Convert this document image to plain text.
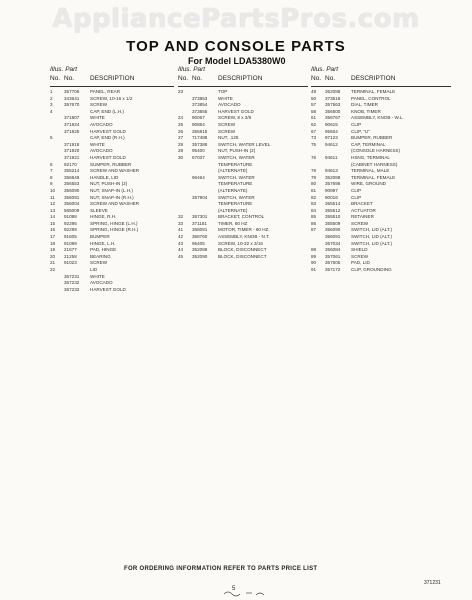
AppliancePartsPros.com
TOP AND CONSOLE PARTS
For Model LDA5380W0
Illus. Part
No. No. DESCRIPTION
1 357706 PANEL, REAR
2 343641 SCREW, 10-16 x 1/2
3 357670 SCREW
4	CAP, END (L.H.)
371807 WHITE
371924 AVOCADO
371925 HARVEST GOLD
5	CAP, END (R.H.)
371918 WHITE
371920 AVOCADO
371921 HARVEST GOLD
6 92170	SUMPER, RUBBER
7 355214 SCREW AND WASHER
8 356849 HANDLE, LID
9 356553 NUT, PUSH-IN (2)
10 356090 NUT, SNAP-IN (L.H.)
11 356091 NUT, SNAP-IN (R.H.)
12 356004 SCREW AND WASHER
13 565009 SLEEVE
14 91098	HINGE, R.H.
15 92295	SPRING, HINGE (L.H.)
16 92299	SPRING, HINGE (R.H.)
17 91605	BUMPER
18 91099	HINGE, L.H.
19 21677	PAD, HINGE
20 21258	BEARING
21 91023	SCREW
22	LID
367231 WHITE
367232 AVOCADO
367233 HARVEST GOLD
Illus. Part
No. No. DESCRIPTION
23	TOP
373853 WHITE
373854 AVOCADO
373855 HARVEST GOLD
24 90067	SCREW, 8 x 3/8
25 90864	SCREW
26 355815 SCREW
27 717488 NUT, .125
28 357386 SWITCH, WATER LEVEL
29 95400	NUT, PUSH-IN (2)
30 67037	SWITCH, WATER
TEMPERATURE
(ALTERNATE)
96464	SWITCH, WATER
TEMPERATURE
(ALTERNATE)
357904 SWITCH, WATER
TEMPERATURE
(ALTERNATE)
32 357301 BRACKET, CONTROL
33 371181 TIMER, 60 HZ
41 368081 MOTOR, TIMER - 60 HZ.
42 368760 ASSEMBLY, KNOB - N.T.
43 95405	SCREW, 10-32 x 3/16
44 352089 BLOCK, DISCONNECT
45 352090 BLOCK, DISCONNECT
Illus. Part
No. No. DESCRIPTION
49 352088 TERMINAL, FEMALE
50 373518 PANEL, CONTROL
57 357563 DIAL, TIMER
58 356500 KNOB, TIMER
61 356767 ASSEMBLY, KNOB - W.L.
62 90615	CLIP
67 95504	CLIP, "U"
73 97123	BUMPER, RUBBER
75 94612	CAP, TERMINAL
(CONSOLE HARNESS)
76 94611	HSNG, TERMINAL
(CABINET HARNESS)
78 94613	TERMINAL, MALE
79 352088 TERMINAL, FEMALE
80 357695 WIRE, GROUND
81 90997	CLIP
82 90016	CLIP
83 355514 BRACKET
84 355512 ACTUATOR
85 355510 RETAINER
86 355509 SCREW
87 356090 SWITCH, LID (ALT.)
356091 SWITCH, LID (ALT.)
357034 SWITCH, LID (ALT.)
88 356084 SHIELD
89 357061 SCREW
90 357605 PAD, LID
91 357172 CLIP, GROUNDING
FOR ORDERING INFORMATION REFER TO PARTS PRICE LIST
5
371231
